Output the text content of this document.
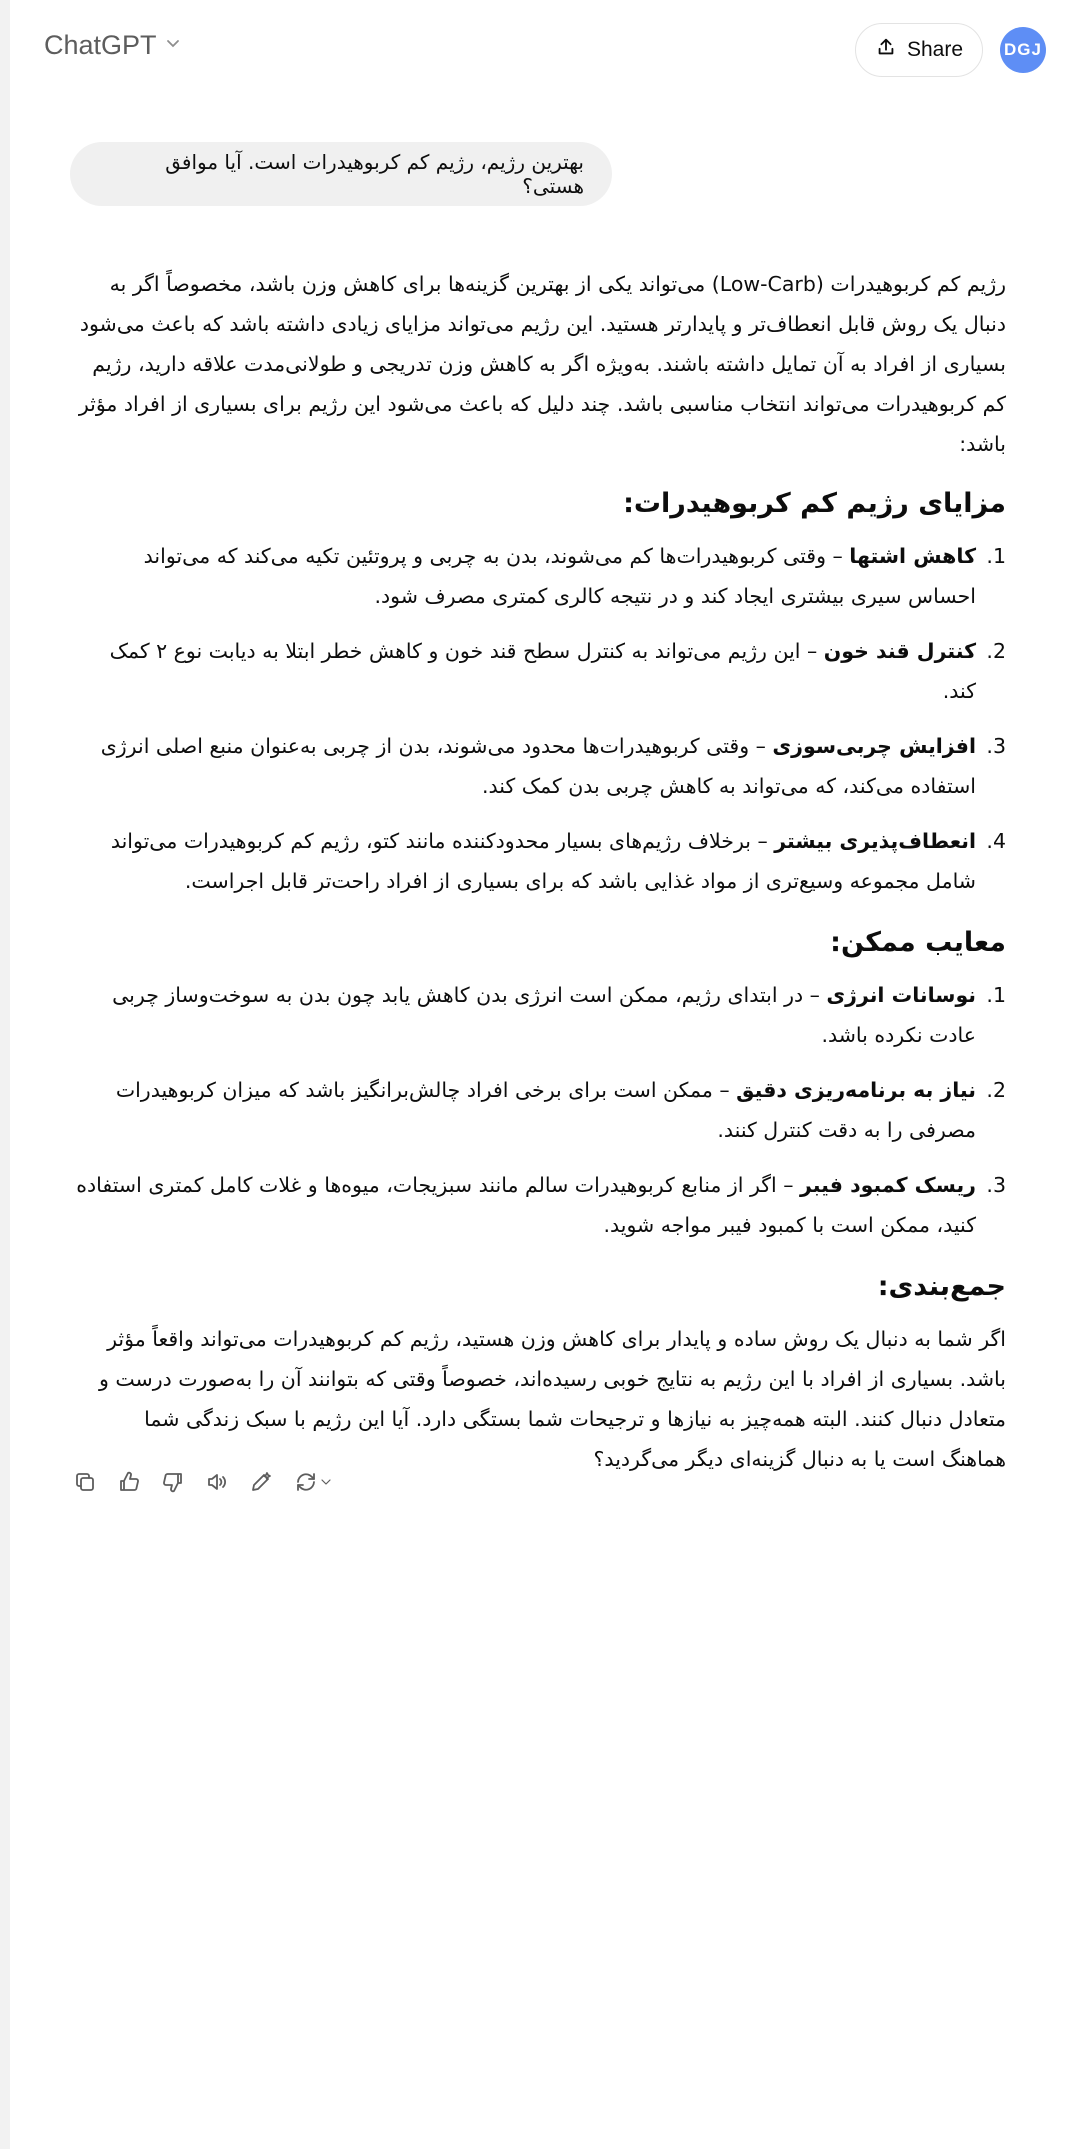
ChatGPT	Share DGJ
بهترین رژیم، رژیم کم کربوهیدرات است. آیا موافق هستی؟

رژیم کم کربوهیدرات (Low-Carb) می‌تواند یکی از بهترین گزینه‌ها برای کاهش وزن باشد، مخصوصاً اگر به دنبال یک روش قابل انعطاف‌تر و پایدارتر هستید. این رژیم می‌تواند مزایای زیادی داشته باشد که باعث می‌شود بسیاری از افراد به آن تمایل داشته باشند. به‌ویژه اگر به کاهش وزن تدریجی و طولانی‌مدت علاقه دارید، رژیم کم کربوهیدرات می‌تواند انتخاب مناسبی باشد. چند دلیل که باعث می‌شود این رژیم برای بسیاری از افراد مؤثر باشد:

مزایای رژیم کم کربوهیدرات:
1.
کاهش اشتها – وقتی کربوهیدرات‌ها کم می‌شوند، بدن به چربی و پروتئین تکیه می‌کند که می‌تواند احساس سیری بیشتری ایجاد کند و در نتیجه کالری کمتری مصرف شود.
2.
کنترل قند خون – این رژیم می‌تواند به کنترل سطح قند خون و کاهش خطر ابتلا به دیابت نوع ۲ کمک کند.
3.
افزایش چربی‌سوزی – وقتی کربوهیدرات‌ها محدود می‌شوند، بدن از چربی به‌عنوان منبع اصلی انرژی استفاده می‌کند، که می‌تواند به کاهش چربی بدن کمک کند.
4.
انعطاف‌پذیری بیشتر – برخلاف رژیم‌های بسیار محدودکننده مانند کتو، رژیم کم کربوهیدرات می‌تواند شامل مجموعه وسیع‌تری از مواد غذایی باشد که برای بسیاری از افراد راحت‌تر قابل اجراست.
معایب ممکن:
1.
نوسانات انرژی – در ابتدای رژیم، ممکن است انرژی بدن کاهش یابد چون بدن به سوخت‌وساز چربی عادت نکرده باشد.
2.
نیاز به برنامه‌ریزی دقیق – ممکن است برای برخی افراد چالش‌برانگیز باشد که میزان کربوهیدرات مصرفی را به دقت کنترل کنند.
3.
ریسک کمبود فیبر – اگر از منابع کربوهیدرات سالم مانند سبزیجات، میوه‌ها و غلات کامل کمتری استفاده کنید، ممکن است با کمبود فیبر مواجه شوید.
جمع‌بندی:

اگر شما به دنبال یک روش ساده و پایدار برای کاهش وزن هستید، رژیم کم کربوهیدرات می‌تواند واقعاً مؤثر باشد. بسیاری از افراد با این رژیم به نتایج خوبی رسیده‌اند، خصوصاً وقتی که بتوانند آن را به‌صورت درست و متعادل دنبال کنند. البته همه‌چیز به نیازها و ترجیحات شما بستگی دارد. آیا این رژیم با سبک زندگی شما هماهنگ است یا به دنبال گزینه‌ای دیگر می‌گردید؟
